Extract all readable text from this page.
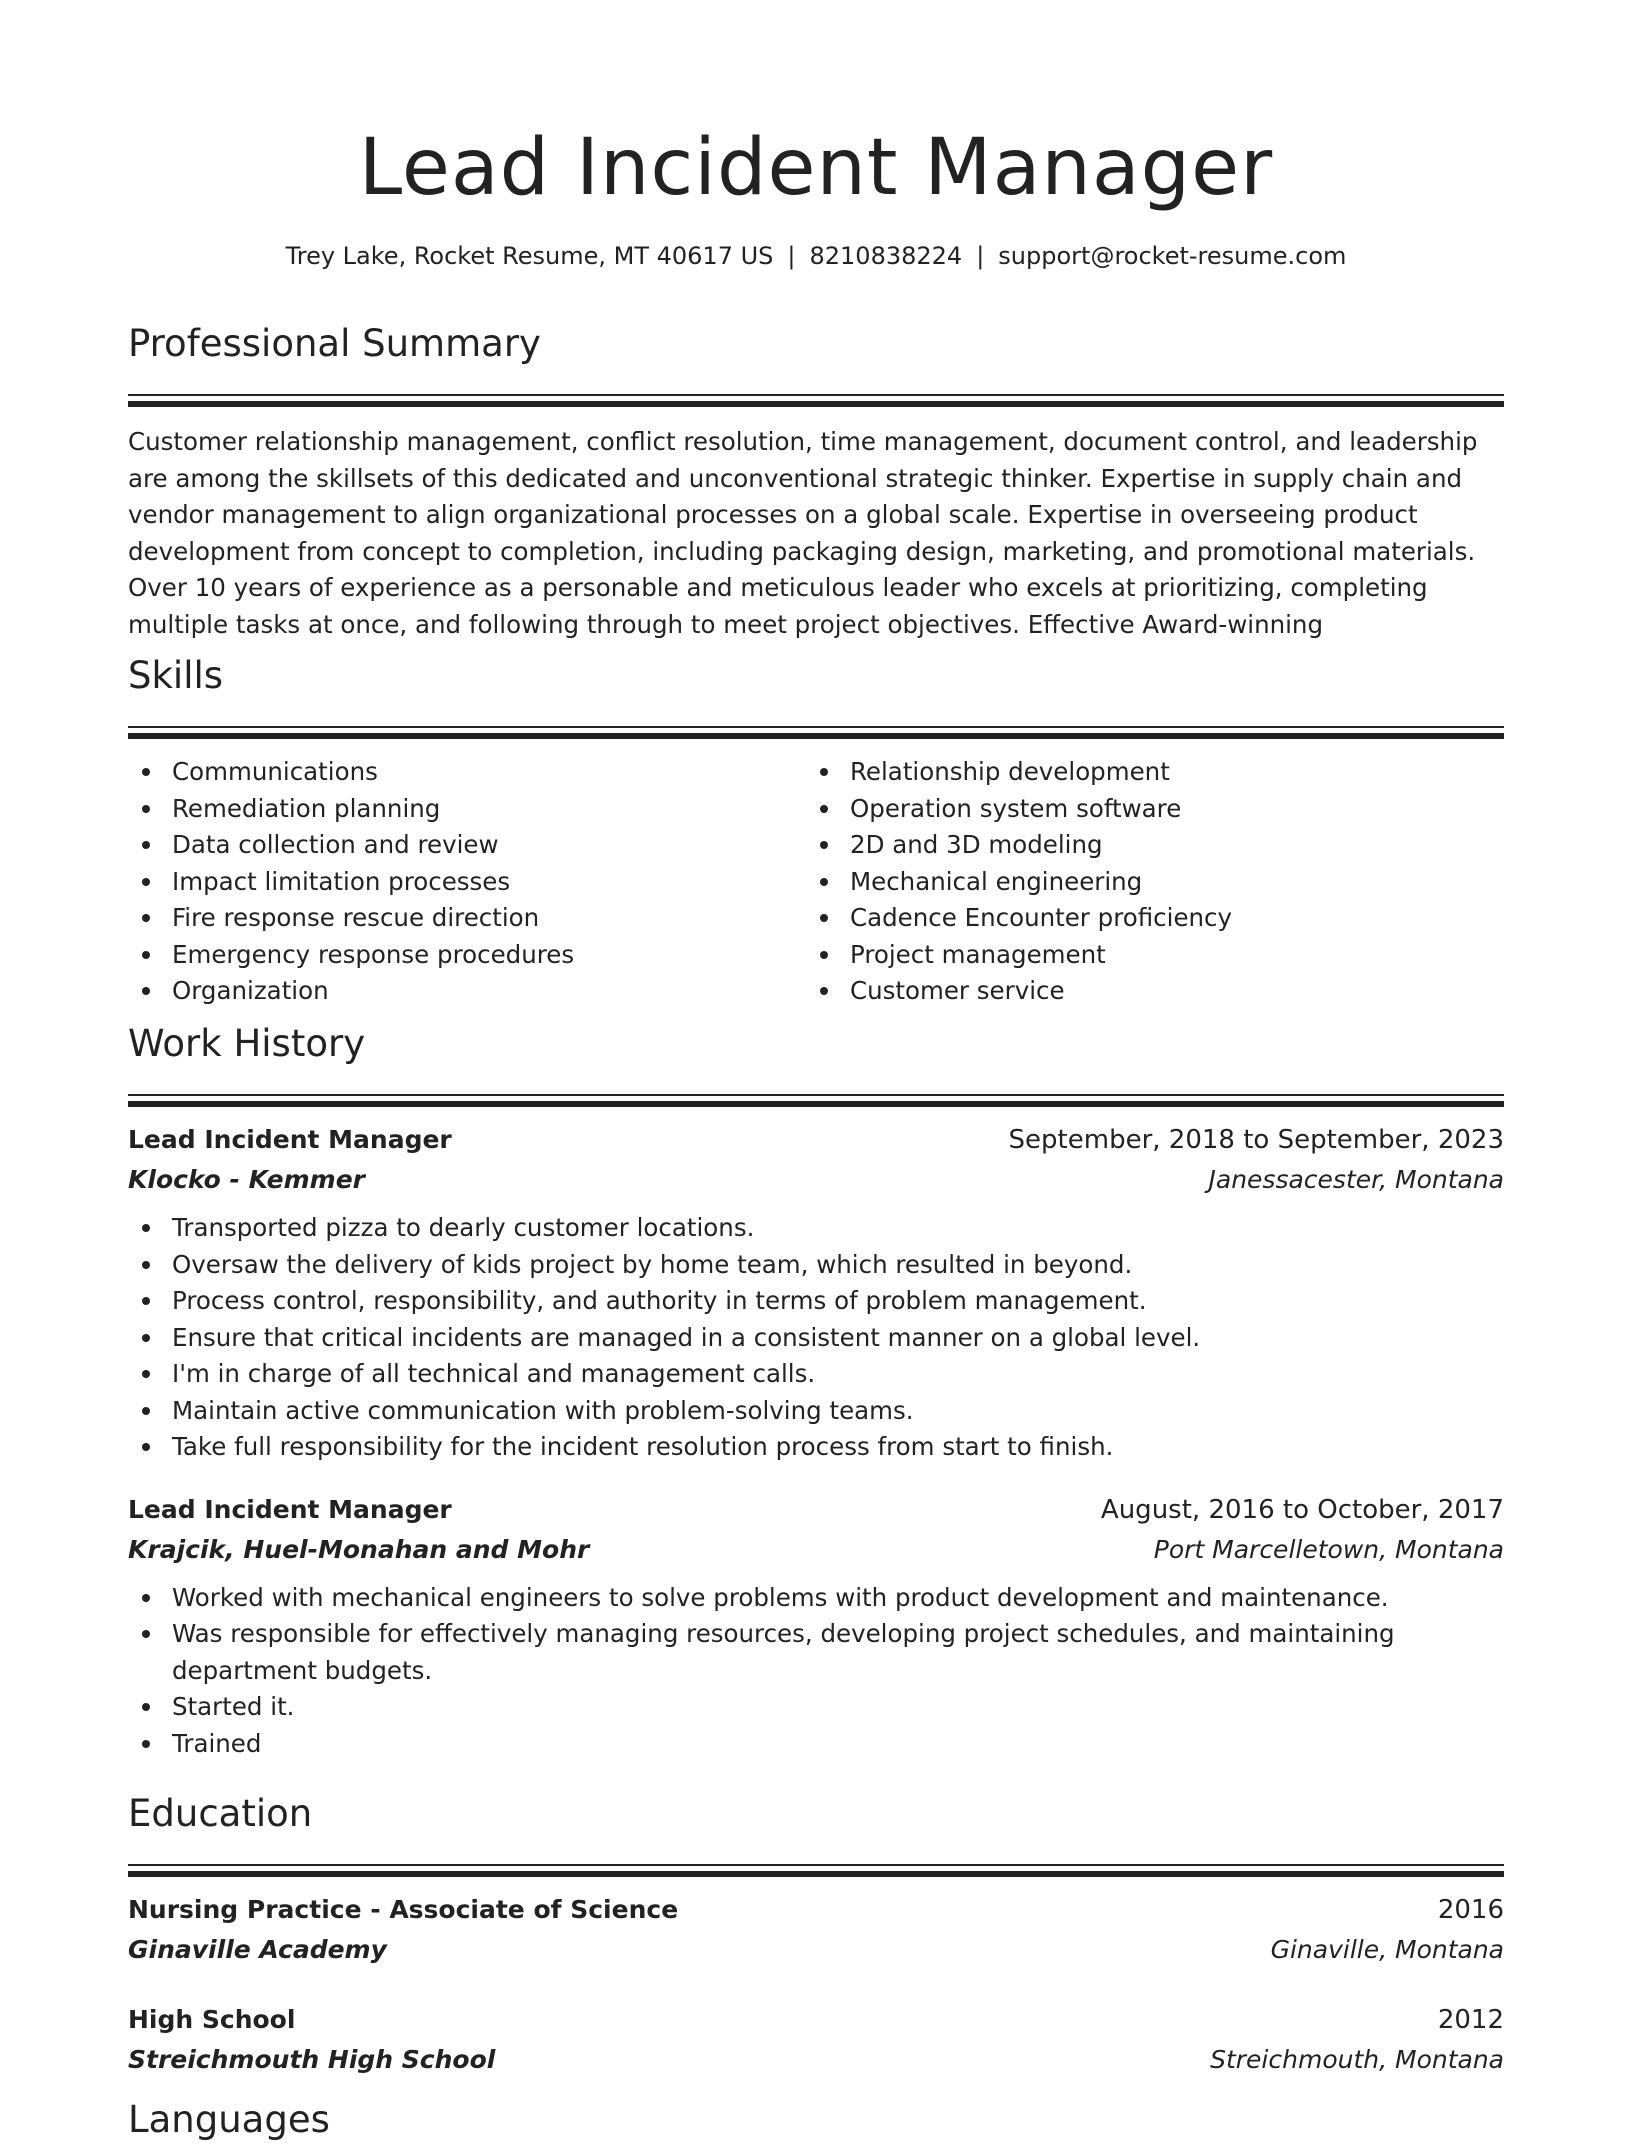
Lead Incident Manager
Trey Lake, Rocket Resume, MT 40617 US | 8210838224 | support@rocket-resume.com
Professional Summary
Customer relationship management, conflict resolution, time management, document control, and leadership are among the skillsets of this dedicated and unconventional strategic thinker. Expertise in supply chain and vendor management to align organizational processes on a global scale. Expertise in overseeing product development from concept to completion, including packaging design, marketing, and promotional materials. Over 10 years of experience as a personable and meticulous leader who excels at prioritizing, completing multiple tasks at once, and following through to meet project objectives. Effective Award-winning
Skills
Communications
Remediation planning
Data collection and review
Impact limitation processes
Fire response rescue direction
Emergency response procedures
Organization
Relationship development
Operation system software
2D and 3D modeling
Mechanical engineering
Cadence Encounter proficiency
Project management
Customer service
Work History
Lead Incident Manager	September, 2018 to September, 2023
Klocko - Kemmer	Janessacester, Montana
Transported pizza to dearly customer locations.
Oversaw the delivery of kids project by home team, which resulted in beyond.
Process control, responsibility, and authority in terms of problem management.
Ensure that critical incidents are managed in a consistent manner on a global level.
I'm in charge of all technical and management calls.
Maintain active communication with problem-solving teams.
Take full responsibility for the incident resolution process from start to finish.
Lead Incident Manager	August, 2016 to October, 2017
Krajcik, Huel-Monahan and Mohr	Port Marcelletown, Montana
Worked with mechanical engineers to solve problems with product development and maintenance.
Was responsible for effectively managing resources, developing project schedules, and maintaining department budgets.
Started it.
Trained
Education
Nursing Practice - Associate of Science	2016
Ginaville Academy	Ginaville, Montana
High School	2012
Streichmouth High School	Streichmouth, Montana
Languages
